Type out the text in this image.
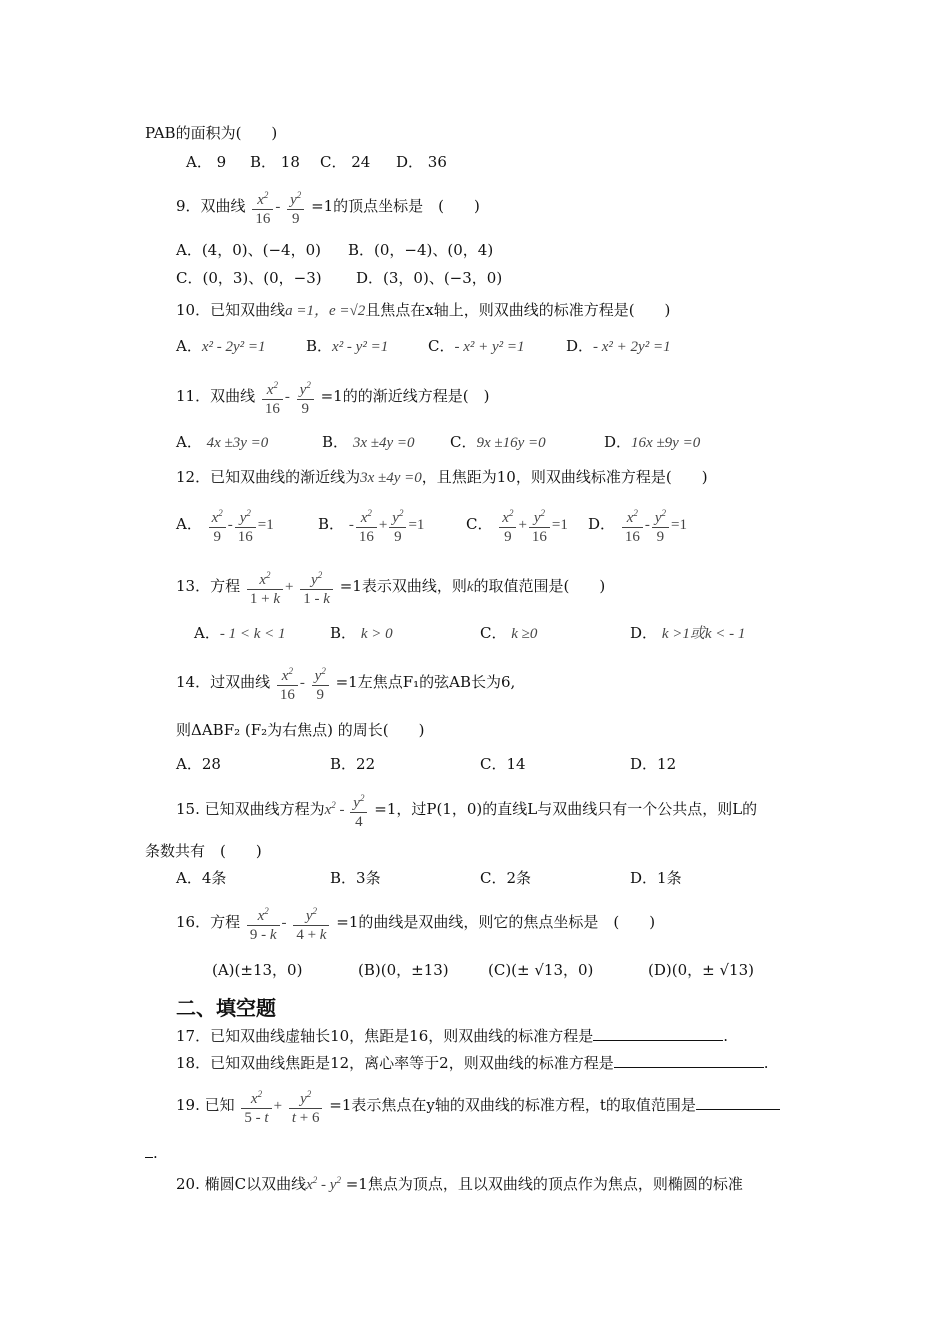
PAB的面积为(　　)
A． 9 B． 18 C． 24 D． 36
9．双曲线 $\frac{x^2}{16} - \frac{y^2}{9} =1$的顶点坐标是　(　　)
A．(4，0)、(−4，0) B．(0，−4)、(0，4)
C．(0，3)、(0，−3) D．(3，0)、(−3，0)
10．已知双曲线a =1，e =√2且焦点在x轴上，则双曲线的标准方程是(　　)
A．x² - 2y² =1	B．x² - y² =1	C．- x² + y² =1	D．- x² + 2y² =1
11．双曲线 $\frac{x^2}{16} - \frac{y^2}{9} =1$的的渐近线方程是(　)
A． 4x ±3y =0	B． 3x ±4y =0 C．9x ±16y =0	D．16x ±9y =0
12．已知双曲线的渐近线为3x ±4y =0，且焦距为10，则双曲线标准方程是(　　)
A． $\frac{x^2}{9} - \frac{y^2}{16} =1$	B． - $\frac{x^2}{16} + \frac{y^2}{9} =1$	C． $\frac{x^2}{9} + \frac{y^2}{16} =1$ D． $\frac{x^2}{16} - \frac{y^2}{9} =1$
13．方程 $\frac{x^2}{1 + k} + \frac{y^2}{1 - k} =1$表示双曲线，则k的取值范围是(　　)
A．- 1 < k < 1	B． k > 0	C． k ≥0	D． k >1或k < - 1
14．过双曲线 $\frac{x^2}{16} - \frac{y^2}{9} =1$左焦点F₁的弦AB长为6,
则ΔABF₂ (F₂为右焦点) 的周长(　　)
A．28	B．22	C．14	D．12
15. 已知双曲线方程为$x^2 - \frac{y^2}{4} =1$，过P(1，0)的直线L与双曲线只有一个公共点，则L的
条数共有　(　　)
A．4条	B．3条	C．2条	D．1条
16．方程 $\frac{x^2}{9 - k} - \frac{y^2}{4 + k} =1$的曲线是双曲线，则它的焦点坐标是　(　　)
(A)(±13，0)	(B)(0，±13)	(C)(± √13，0)	(D)(0，± √13)
二、填空题
17．已知双曲线虚轴长10，焦距是16，则双曲线的标准方程是	.
18．已知双曲线焦距是12，离心率等于2，则双曲线的标准方程是	.
19. 已知 $\frac{x^2}{5 - t} + \frac{y^2}{t + 6} =1$表示焦点在y轴的双曲线的标准方程，t的取值范围是
.
20. 椭圆C以双曲线$x^2 - y^2 =1$焦点为顶点，且以双曲线的顶点作为焦点，则椭圆的标准
